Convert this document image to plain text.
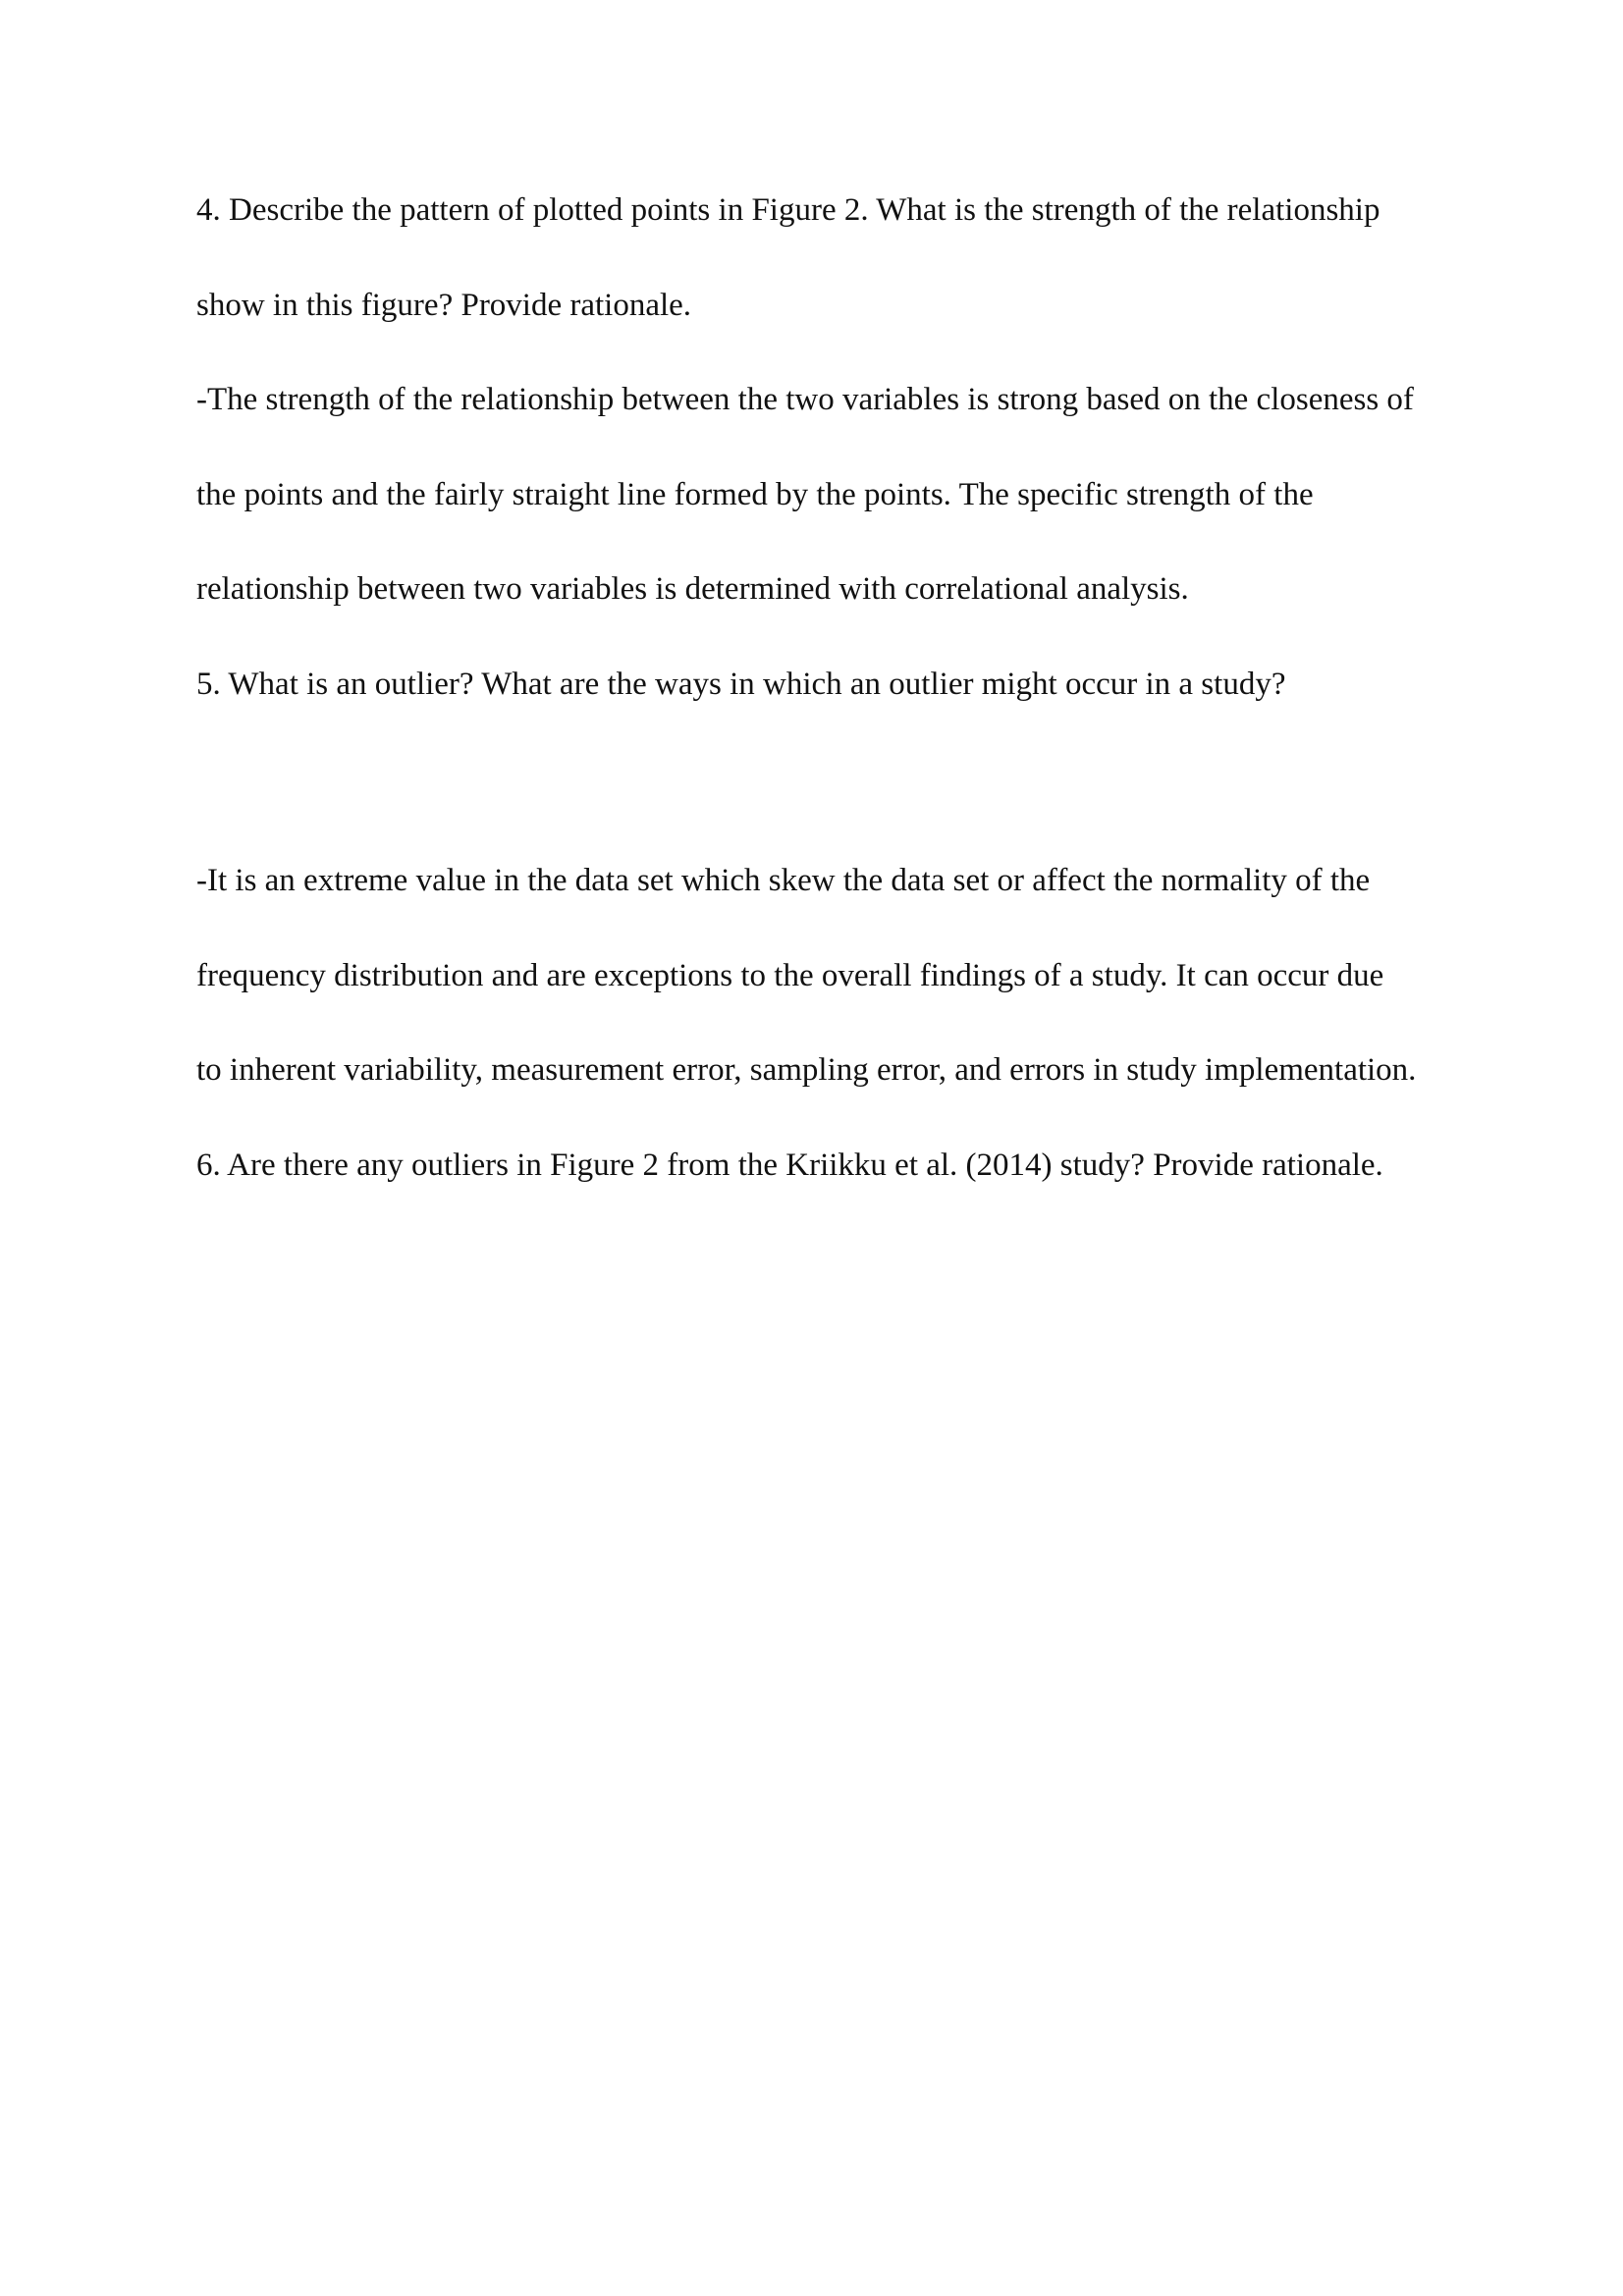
4. Describe the pattern of plotted points in Figure 2. What is the strength of the relationship
show in this figure? Provide rationale.
-The strength of the relationship between the two variables is strong based on the closeness of
the points and the fairly straight line formed by the points. The specific strength of the
relationship between two variables is determined with correlational analysis.
5. What is an outlier? What are the ways in which an outlier might occur in a study?
-It is an extreme value in the data set which skew the data set or affect the normality of the
frequency distribution and are exceptions to the overall findings of a study. It can occur due
to inherent variability, measurement error, sampling error, and errors in study implementation.
6. Are there any outliers in Figure 2 from the Kriikku et al. (2014) study? Provide rationale.
